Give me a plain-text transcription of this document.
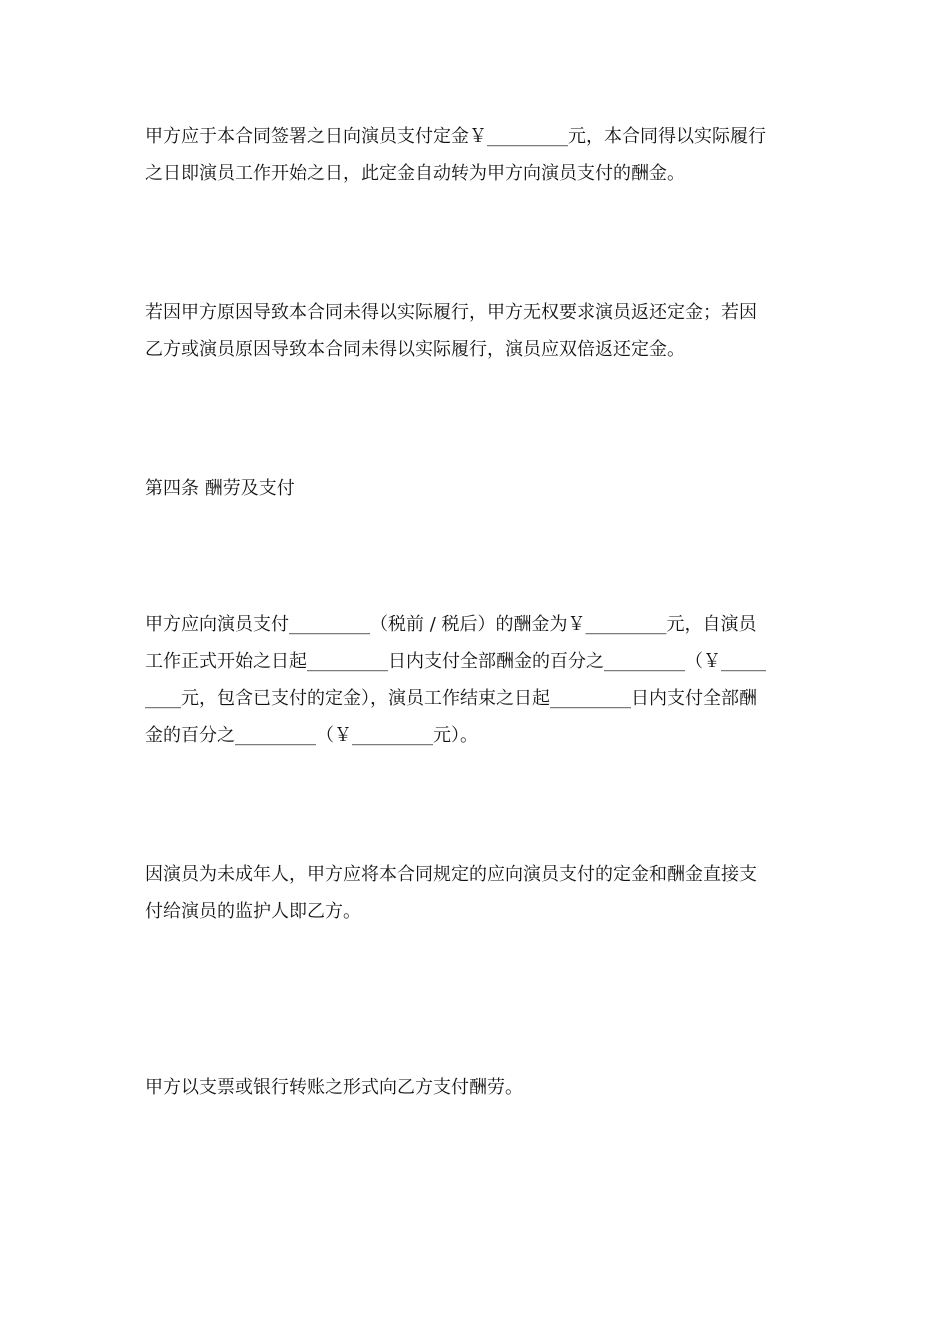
甲方应于本合同签署之日向演员支付定金￥_________元，本合同得以实际履行
之日即演员工作开始之日，此定金自动转为甲方向演员支付的酬金。

若因甲方原因导致本合同未得以实际履行，甲方无权要求演员返还定金；若因
乙方或演员原因导致本合同未得以实际履行，演员应双倍返还定金。

第四条 酬劳及支付

甲方应向演员支付_________（税前 / 税后）的酬金为￥_________元，自演员
工作正式开始之日起_________日内支付全部酬金的百分之_________（￥_____
____元，包含已支付的定金），演员工作结束之日起_________日内支付全部酬
金的百分之_________（￥_________元）。

因演员为未成年人，甲方应将本合同规定的应向演员支付的定金和酬金直接支
付给演员的监护人即乙方。

甲方以支票或银行转账之形式向乙方支付酬劳。
